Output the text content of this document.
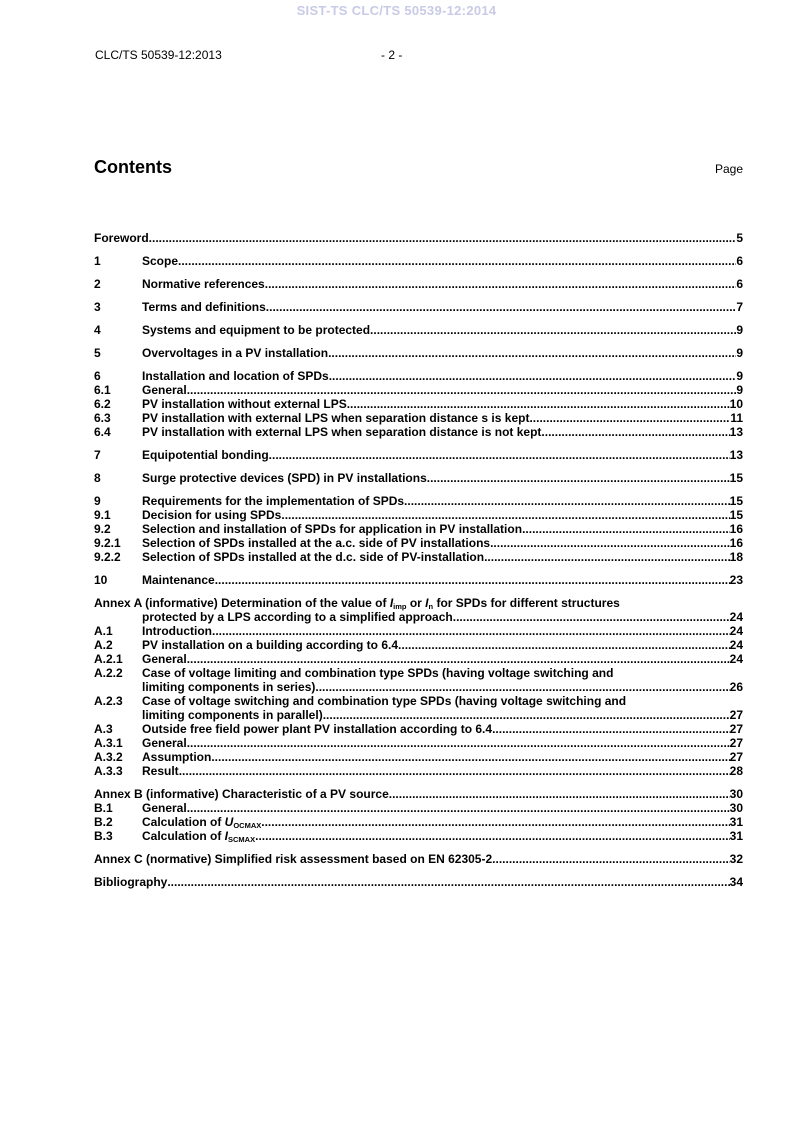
SIST-TS CLC/TS 50539-12:2014
CLC/TS 50539-12:2013	- 2 -
Contents	Page
Foreword .....	5
1	Scope .....	6
2	Normative references .....	6
3	Terms and definitions .....	7
4	Systems and equipment to be protected .....	9
5	Overvoltages in a PV installation .....	9
6	Installation and location of SPDs .....	9
6.1	General .....	9
6.2	PV installation without external LPS .....	10
6.3	PV installation with external LPS when separation distance s is kept .....	11
6.4	PV installation with external LPS when separation distance is not kept .....	13
7	Equipotential bonding .....	13
8	Surge protective devices (SPD) in PV installations .....	15
9	Requirements for the implementation of SPDs .....	15
9.1	Decision for using SPDs .....	15
9.2	Selection and installation of SPDs for application in PV installation .....	16
9.2.1	Selection of SPDs installed at the a.c. side of PV installations .....	16
9.2.2	Selection of SPDs installed at the d.c. side of PV-installation .....	18
10	Maintenance .....	23
Annex A (informative) Determination of the value of $I_{imp}$ or $I_n$ for SPDs for different structures
protected by a LPS according to a simplified approach .....	24
A.1	Introduction .....	24
A.2	PV installation on a building according to 6.4 .....	24
A.2.1	General .....	24
A.2.2	Case of voltage limiting and combination type SPDs (having voltage switching and
limiting components in series) .....	26
A.2.3	Case of voltage switching and combination type SPDs (having voltage switching and
limiting components in parallel) .....	27
A.3	Outside free field power plant PV installation according to 6.4 .....	27
A.3.1	General .....	27
A.3.2	Assumption .....	27
A.3.3	Result .....	28
Annex B (informative) Characteristic of a PV source .....	30
B.1	General .....	30
B.2	Calculation of $U_{OCMAX}$ .....	31
B.3	Calculation of $I_{SCMAX}$ .....	31
Annex C (normative) Simplified risk assessment based on EN 62305-2 .....	32
Bibliography .....	34
